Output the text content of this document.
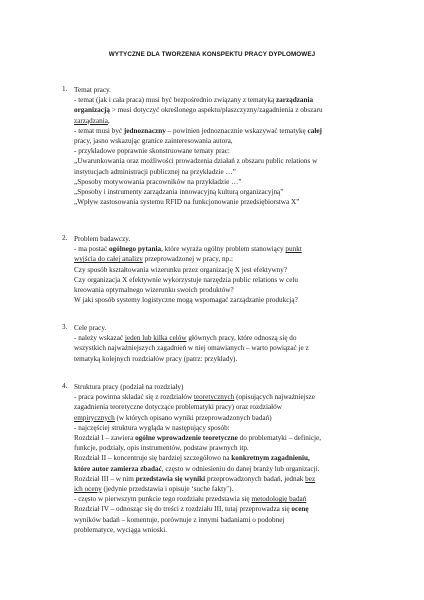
WYTYCZNE DLA TWORZENIA KONSPEKTU PRACY DYPLOMOWEJ
1. Temat pracy.
- temat (jak i cała praca) musi być bezpośrednio związany z tematyką zarządzania
organizacją > musi dotyczyć określonego aspektu/płaszczyzny/zagadnienia z obszaru
zarządzania,
- temat musi być jednoznaczny – powinien jednoznacznie wskazywać tematykę całej
pracy, jasno wskazując granice zainteresowania autora,
- przykładowe poprawnie skonstruowane tematy prac:
„Uwarunkowania oraz możliwości prowadzenia działań z obszaru public relations w
instytucjach administracji publicznej na przykładzie …”
„Sposoby motywowania pracowników na przykładzie …”
„Sposoby i instrumenty zarządzania innowacyjną kulturą organizacyjną”
„Wpływ zastosowania systemu RFID na funkcjonowanie przedsiębiorstwa X”
2. Problem badawczy.
- ma postać ogólnego pytania, które wyraża ogólny problem stanowiący punkt
wyjścia do całej analizy przeprowadzonej w pracy, np.:
Czy sposób kształtowania wizerunku przez organizację X jest efektywny?
Czy organizacja X efektywnie wykorzystuje narzędzia public relations w celu
kreowania optymalnego wizerunku swoich produktów?
W jaki sposób systemy logistyczne mogą wspomagać zarządzanie produkcją?
3. Cele pracy.
- należy wskazać jeden lub kilka celów głównych pracy, które odnoszą się do
wszystkich najważniejszych zagadnień w niej omawianych – warto powiązać je z
tematyką kolejnych rozdziałów pracy (patrz: przykłady).
4. Struktura pracy (podział na rozdziały)
- praca powinna składać się z rozdziałów teoretycznych (opisujących najważniejsze
zagadnienia teoretyczne dotyczące problematyki pracy) oraz rozdziałów
empirycznych (w których opisano wyniki przeprowadzonych badań)
- najczęściej struktura wygląda w następujący sposób:
Rozdział I – zawiera ogólne wprowadzenie teoretyczne do problematyki – definicje,
funkcje, podziały, opis instrumentów, podstaw prawnych itp.
Rozdział II – koncentruje się bardziej szczegółowo na konkretnym zagadnieniu,
które autor zamierza zbadać, często w odniesieniu do danej branży lub organizacji.
Rozdział III – w nim przedstawia się wyniki przeprowadzonych badań, jednak bez
ich oceny (jedynie przedstawia i opisuje ‘suche fakty’).
- często w pierwszym punkcie tego rozdziału przedstawia się metodologię badań
Rozdział IV – odnosząc się do treści z rozdziału III, tutaj przeprowadza się ocenę
wyników badań – komentuje, porównuje z innymi badaniami o podobnej
problematyce, wyciąga wnioski.
